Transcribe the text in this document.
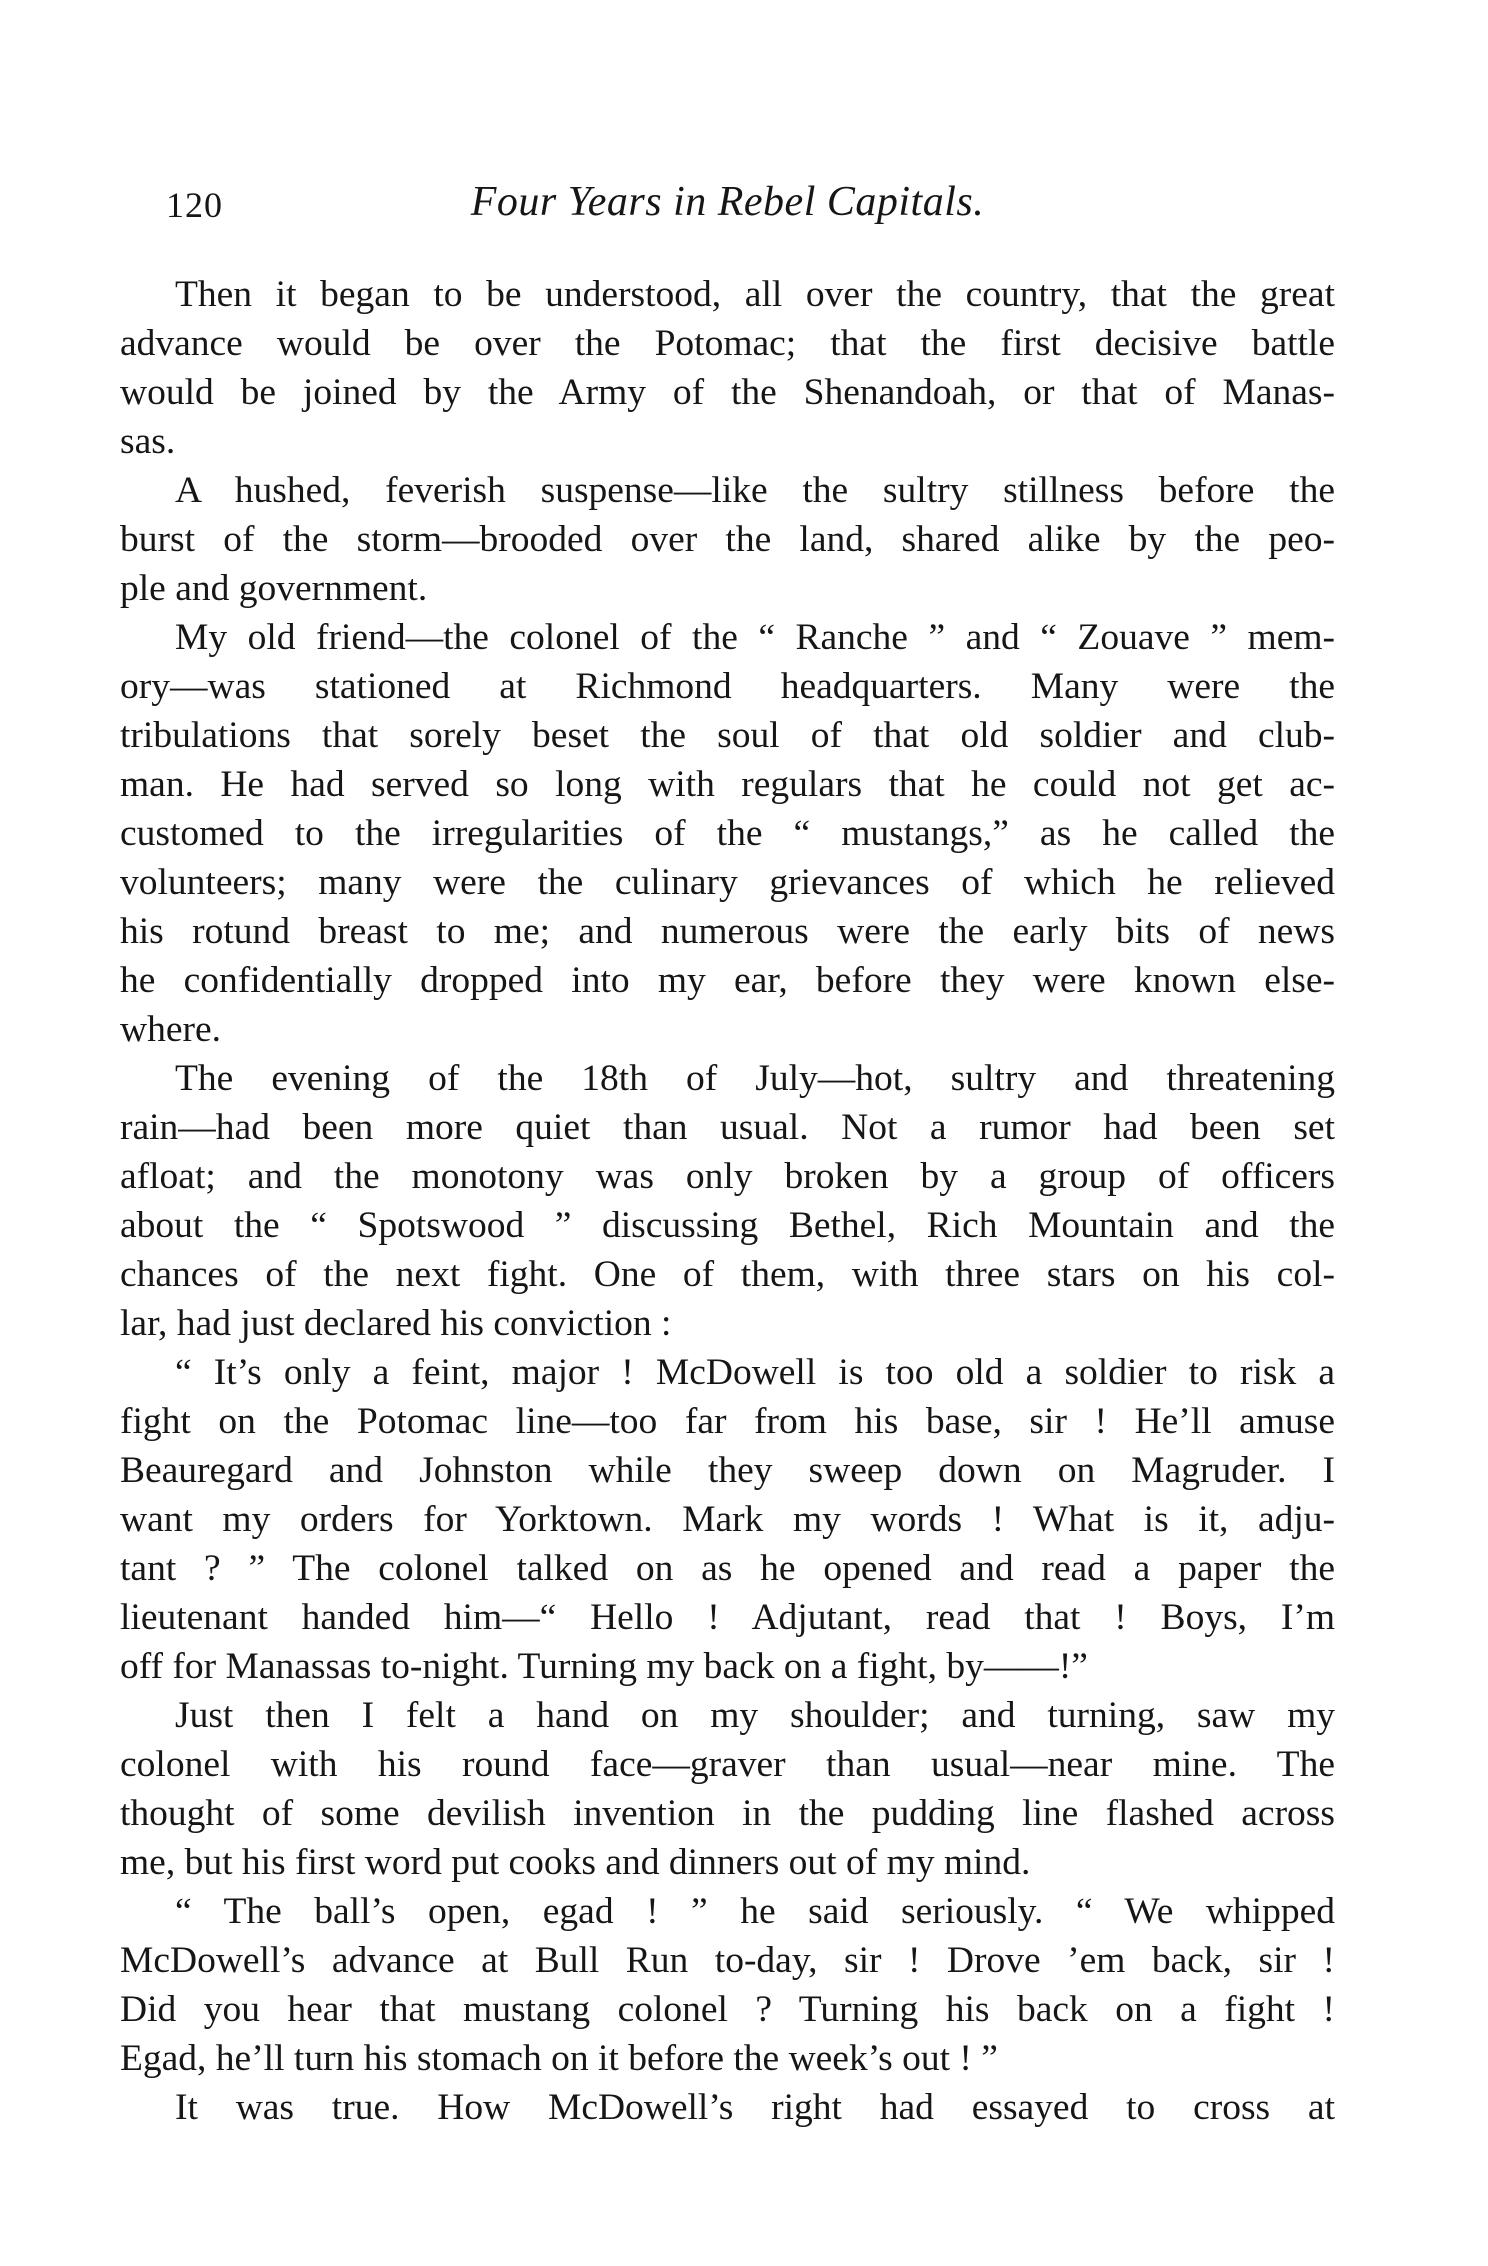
120	Four Years in Rebel Capitals.
Then it began to be understood, all over the country, that the great
advance would be over the Potomac; that the first decisive battle
would be joined by the Army of the Shenandoah, or that of Manas-
sas.
A hushed, feverish suspense—like the sultry stillness before the
burst of the storm—brooded over the land, shared alike by the peo-
ple and government.
My old friend—the colonel of the “ Ranche ” and “ Zouave ” mem-
ory—was stationed at Richmond headquarters. Many were the
tribulations that sorely beset the soul of that old soldier and club-
man. He had served so long with regulars that he could not get ac-
customed to the irregularities of the “ mustangs,” as he called the
volunteers; many were the culinary grievances of which he relieved
his rotund breast to me; and numerous were the early bits of news
he confidentially dropped into my ear, before they were known else-
where.
The evening of the 18th of July—hot, sultry and threatening
rain—had been more quiet than usual. Not a rumor had been set
afloat; and the monotony was only broken by a group of officers
about the “ Spotswood ” discussing Bethel, Rich Mountain and the
chances of the next fight. One of them, with three stars on his col-
lar, had just declared his conviction :
“ It’s only a feint, major ! McDowell is too old a soldier to risk a
fight on the Potomac line—too far from his base, sir ! He’ll amuse
Beauregard and Johnston while they sweep down on Magruder. I
want my orders for Yorktown. Mark my words ! What is it, adju-
tant ? ” The colonel talked on as he opened and read a paper the
lieutenant handed him—“ Hello ! Adjutant, read that ! Boys, I’m
off for Manassas to-night. Turning my back on a fight, by——!”
Just then I felt a hand on my shoulder; and turning, saw my
colonel with his round face—graver than usual—near mine. The
thought of some devilish invention in the pudding line flashed across
me, but his first word put cooks and dinners out of my mind.
“ The ball’s open, egad ! ” he said seriously. “ We whipped
McDowell’s advance at Bull Run to-day, sir ! Drove ’em back, sir !
Did you hear that mustang colonel ? Turning his back on a fight !
Egad, he’ll turn his stomach on it before the week’s out ! ”
It was true. How McDowell’s right had essayed to cross at
